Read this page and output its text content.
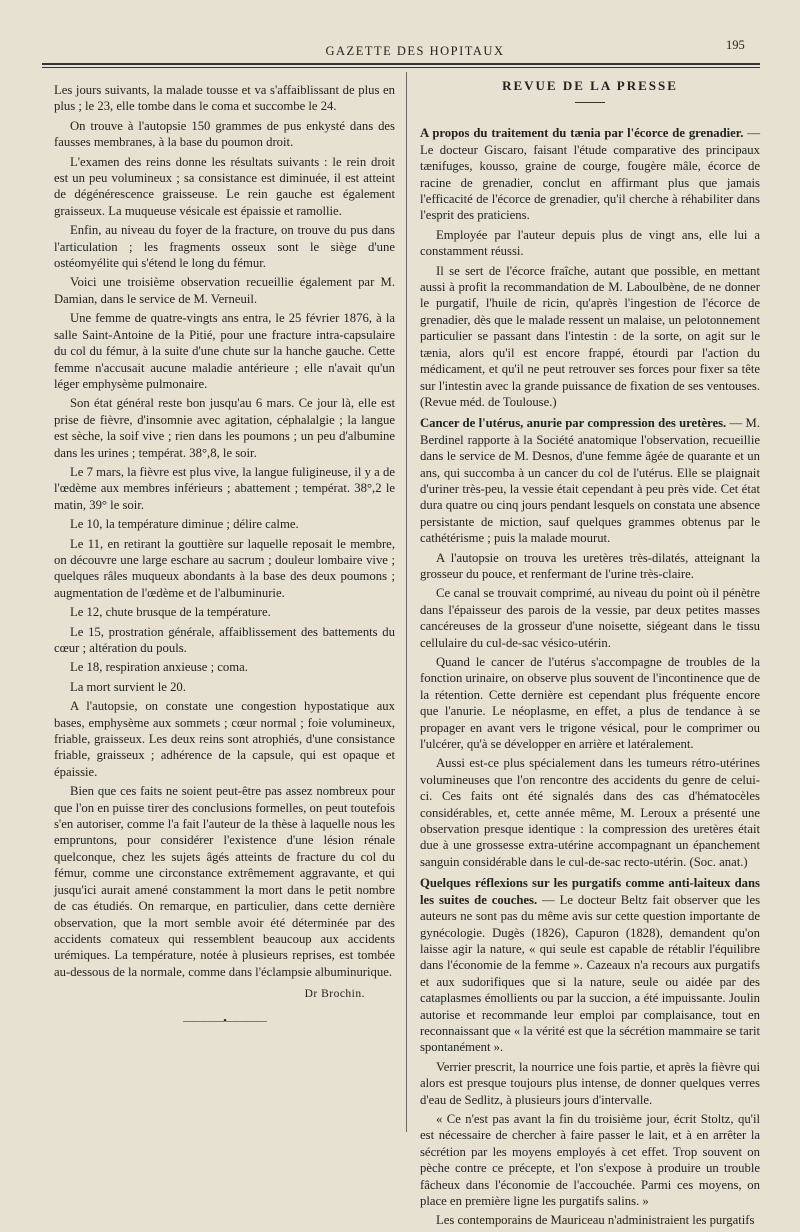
GAZETTE DES HOPITAUX	195

Les jours suivants, la malade tousse et va s'affaiblissant de plus en plus ; le 23, elle tombe dans le coma et succombe le 24.

On trouve à l'autopsie 150 grammes de pus enkysté dans des fausses membranes, à la base du poumon droit.

L'examen des reins donne les résultats suivants : le rein droit est un peu volumineux ; sa consistance est diminuée, il est atteint de dégénérescence graisseuse. Le rein gauche est également graisseux. La muqueuse vésicale est épaissie et ramollie.

Enfin, au niveau du foyer de la fracture, on trouve du pus dans l'articulation ; les fragments osseux sont le siège d'une ostéomyélite qui s'étend le long du fémur.

Voici une troisième observation recueillie également par M. Damian, dans le service de M. Verneuil.

Une femme de quatre-vingts ans entra, le 25 février 1876, à la salle Saint-Antoine de la Pitié, pour une fracture intra-capsulaire du col du fémur, à la suite d'une chute sur la hanche gauche. Cette femme n'accusait aucune maladie antérieure ; elle n'avait qu'un léger emphysème pulmonaire.

Son état général reste bon jusqu'au 6 mars. Ce jour là, elle est prise de fièvre, d'insomnie avec agitation, céphalalgie ; la langue est sèche, la soif vive ; rien dans les poumons ; un peu d'albumine dans les urines ; températ. 38°,8, le soir.

Le 7 mars, la fièvre est plus vive, la langue fuligineuse, il y a de l'œdème aux membres inférieurs ; abattement ; températ. 38°,2 le matin, 39° le soir.

Le 10, la température diminue ; délire calme.

Le 11, en retirant la gouttière sur laquelle reposait le membre, on découvre une large eschare au sacrum ; douleur lombaire vive ; quelques râles muqueux abondants à la base des deux poumons ; augmentation de l'œdème et de l'albuminurie.

Le 12, chute brusque de la température.

Le 15, prostration générale, affaiblissement des battements du cœur ; altération du pouls.

Le 18, respiration anxieuse ; coma.

La mort survient le 20.

A l'autopsie, on constate une congestion hypostatique aux bases, emphysème aux sommets ; cœur normal ; foie volumineux, friable, graisseux. Les deux reins sont atrophiés, d'une consistance friable, graisseux ; adhérence de la capsule, qui est opaque et épaissie.

Bien que ces faits ne soient peut-être pas assez nombreux pour que l'on en puisse tirer des conclusions formelles, on peut toutefois s'en autoriser, comme l'a fait l'auteur de la thèse à laquelle nous les empruntons, pour considérer l'existence d'une lésion rénale quelconque, chez les sujets âgés atteints de fracture du col du fémur, comme une circonstance extrêmement aggravante, et qui jusqu'ici aurait amené constamment la mort dans le petit nombre de cas étudiés. On remarque, en particulier, dans cette dernière observation, que la mort semble avoir été déterminée par des accidents comateux qui ressemblent beaucoup aux accidents urémiques. La température, notée à plusieurs reprises, est tombée au-dessous de la normale, comme dans l'éclampsie albuminurique.

Dr Brochin.
————•————
REVUE DE LA PRESSE

A propos du traitement du tænia par l'écorce de grenadier. — Le docteur Giscaro, faisant l'étude comparative des principaux tænifuges, kousso, graine de courge, fougère mâle, écorce de racine de grenadier, conclut en affirmant plus que jamais l'efficacité de l'écorce de grenadier, qu'il cherche à réhabiliter dans l'esprit des praticiens.

Employée par l'auteur depuis plus de vingt ans, elle lui a constamment réussi.

Il se sert de l'écorce fraîche, autant que possible, en mettant aussi à profit la recommandation de M. Laboulbène, de ne donner le purgatif, l'huile de ricin, qu'après l'ingestion de l'écorce de grenadier, dès que le malade ressent un malaise, un pelotonnement particulier se passant dans l'intestin : de la sorte, on agit sur le tænia, alors qu'il est encore frappé, étourdi par l'action du médicament, et qu'il ne peut retrouver ses forces pour fixer sa tête sur l'intestin avec la grande puissance de fixation de ses ventouses. (Revue méd. de Toulouse.)

Cancer de l'utérus, anurie par compression des uretères. — M. Berdinel rapporte à la Société anatomique l'observation, recueillie dans le service de M. Desnos, d'une femme âgée de quarante et un ans, qui succomba à un cancer du col de l'utérus. Elle se plaignait d'uriner très-peu, la vessie était cependant à peu près vide. Cet état dura quatre ou cinq jours pendant lesquels on constata une absence persistante de miction, sauf quelques grammes obtenus par le cathétérisme ; puis la malade mourut.

A l'autopsie on trouva les uretères très-dilatés, atteignant la grosseur du pouce, et renfermant de l'urine très-claire.

Ce canal se trouvait comprimé, au niveau du point où il pénètre dans l'épaisseur des parois de la vessie, par deux petites masses cancéreuses de la grosseur d'une noisette, siégeant dans le tissu cellulaire du cul-de-sac vésico-utérin.

Quand le cancer de l'utérus s'accompagne de troubles de la fonction urinaire, on observe plus souvent de l'incontinence que de la rétention. Cette dernière est cependant plus fréquente encore que l'anurie. Le néoplasme, en effet, a plus de tendance à se propager en avant vers le trigone vésical, pour le comprimer ou l'ulcérer, qu'à se développer en arrière et latéralement.

Aussi est-ce plus spécialement dans les tumeurs rétro-utérines volumineuses que l'on rencontre des accidents du genre de celui-ci. Ces faits ont été signalés dans des cas d'hématocèles considérables, et, cette année même, M. Leroux a présenté une observation presque identique : la compression des uretères était due à une grossesse extra-utérine accompagnant un épanchement sanguin considérable dans le cul-de-sac recto-utérin. (Soc. anat.)

Quelques réflexions sur les purgatifs comme anti-laiteux dans les suites de couches. — Le docteur Beltz fait observer que les auteurs ne sont pas du même avis sur cette question importante de gynécologie. Dugès (1826), Capuron (1828), demandent qu'on laisse agir la nature, « qui seule est capable de rétablir l'équilibre dans l'économie de la femme ». Cazeaux n'a recours aux purgatifs et aux sudorifiques que si la nature, seule ou aidée par des cataplasmes émollients ou par la succion, a été impuissante. Joulin autorise et recommande leur emploi par complaisance, tout en reconnaissant que « la vérité est que la sécrétion mammaire se tarit spontanément ».

Verrier prescrit, la nourrice une fois partie, et après la fièvre qui alors est presque toujours plus intense, de donner quelques verres d'eau de Sedlitz, à plusieurs jours d'intervalle.

« Ce n'est pas avant la fin du troisième jour, écrit Stoltz, qu'il est nécessaire de chercher à faire passer le lait, et à en arrêter la sécrétion par les moyens employés à cet effet. Trop souvent on pèche contre ce précepte, et l'on s'expose à produire un trouble fâcheux dans l'économie de l'accouchée. Parmi ces moyens, on place en première ligne les purgatifs salins. »

Les contemporains de Mauriceau n'administraient les purgatifs
